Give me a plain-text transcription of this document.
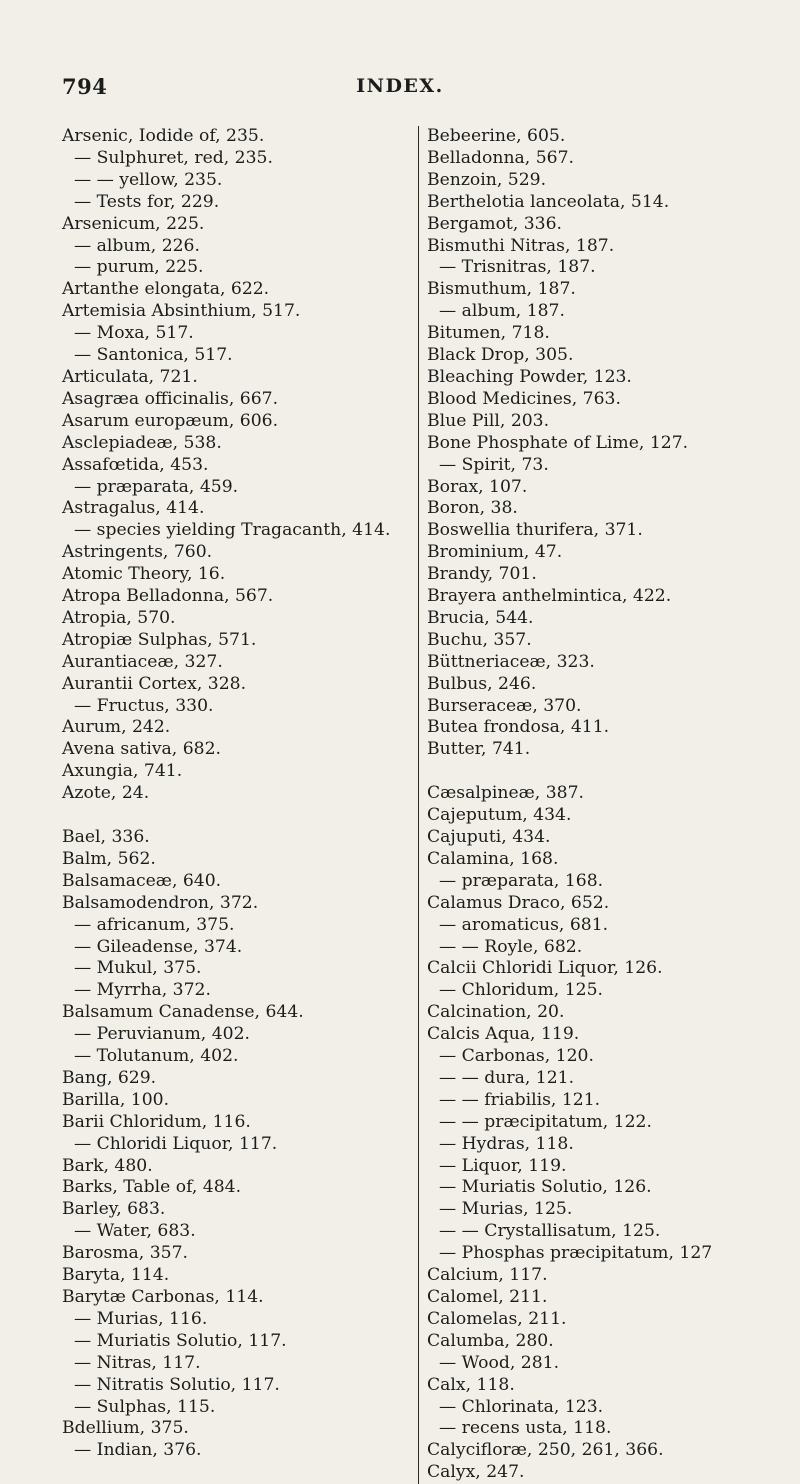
794	INDEX.
Arsenic, Iodide of, 235.
— Sulphuret, red, 235.
— — yellow, 235.
— Tests for, 229.
Arsenicum, 225.
— album, 226.
— purum, 225.
Artanthe elongata, 622.
Artemisia Absinthium, 517.
— Moxa, 517.
— Santonica, 517.
Articulata, 721.
Asagræa officinalis, 667.
Asarum europæum, 606.
Asclepiadeæ, 538.
Assafœtida, 453.
— præparata, 459.
Astragalus, 414.
— species yielding Tragacanth, 414.
Astringents, 760.
Atomic Theory, 16.
Atropa Belladonna, 567.
Atropia, 570.
Atropiæ Sulphas, 571.
Aurantiaceæ, 327.
Aurantii Cortex, 328.
— Fructus, 330.
Aurum, 242.
Avena sativa, 682.
Axungia, 741.
Azote, 24.
Bael, 336.
Balm, 562.
Balsamaceæ, 640.
Balsamodendron, 372.
— africanum, 375.
— Gileadense, 374.
— Mukul, 375.
— Myrrha, 372.
Balsamum Canadense, 644.
— Peruvianum, 402.
— Tolutanum, 402.
Bang, 629.
Barilla, 100.
Barii Chloridum, 116.
— Chloridi Liquor, 117.
Bark, 480.
Barks, Table of, 484.
Barley, 683.
— Water, 683.
Barosma, 357.
Baryta, 114.
Barytæ Carbonas, 114.
— Murias, 116.
— Muriatis Solutio, 117.
— Nitras, 117.
— Nitratis Solutio, 117.
— Sulphas, 115.
Bdellium, 375.
— Indian, 376.
Bebeerine, 605.
Belladonna, 567.
Benzoin, 529.
Berthelotia lanceolata, 514.
Bergamot, 336.
Bismuthi Nitras, 187.
— Trisnitras, 187.
Bismuthum, 187.
— album, 187.
Bitumen, 718.
Black Drop, 305.
Bleaching Powder, 123.
Blood Medicines, 763.
Blue Pill, 203.
Bone Phosphate of Lime, 127.
— Spirit, 73.
Borax, 107.
Boron, 38.
Boswellia thurifera, 371.
Brominium, 47.
Brandy, 701.
Brayera anthelmintica, 422.
Brucia, 544.
Buchu, 357.
Büttneriaceæ, 323.
Bulbus, 246.
Burseraceæ, 370.
Butea frondosa, 411.
Butter, 741.
Cæsalpineæ, 387.
Cajeputum, 434.
Cajuputi, 434.
Calamina, 168.
— præparata, 168.
Calamus Draco, 652.
— aromaticus, 681.
— — Royle, 682.
Calcii Chloridi Liquor, 126.
— Chloridum, 125.
Calcination, 20.
Calcis Aqua, 119.
— Carbonas, 120.
— — dura, 121.
— — friabilis, 121.
— — præcipitatum, 122.
— Hydras, 118.
— Liquor, 119.
— Muriatis Solutio, 126.
— Murias, 125.
— — Crystallisatum, 125.
— Phosphas præcipitatum, 127
Calcium, 117.
Calomel, 211.
Calomelas, 211.
Calumba, 280.
— Wood, 281.
Calx, 118.
— Chlorinata, 123.
— recens usta, 118.
Calycifloræ, 250, 261, 366.
Calyx, 247.
